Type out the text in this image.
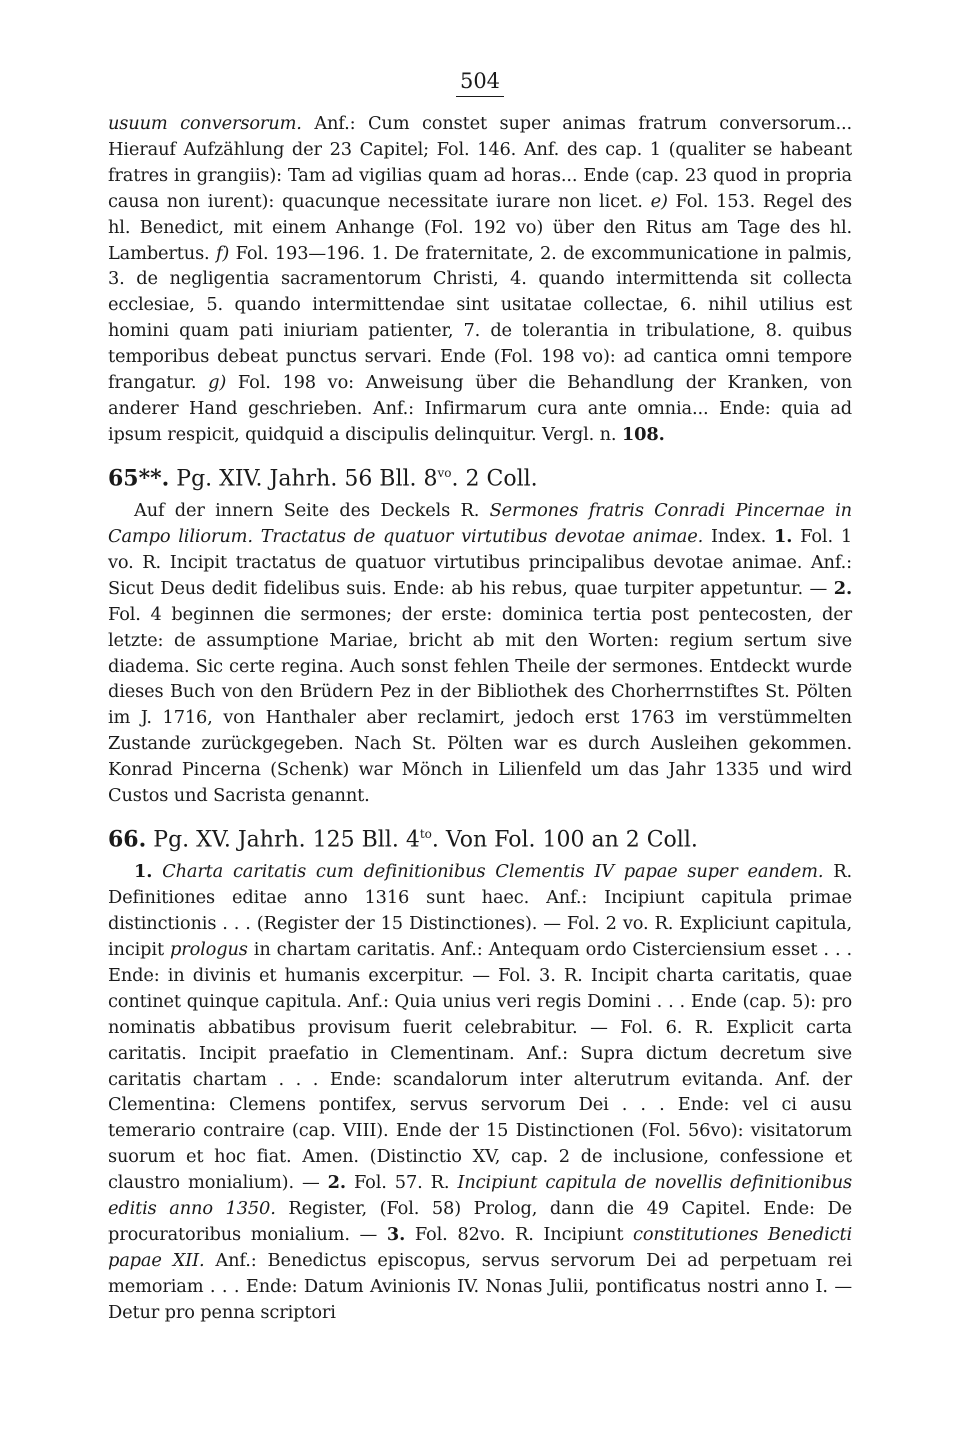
504

usuum conversorum. Anf.: Cum constet super animas fratrum conversorum... Hierauf Aufzählung der 23 Capitel; Fol. 146. Anf. des cap. 1 (qualiter se habeant fratres in grangiis): Tam ad vigilias quam ad horas... Ende (cap. 23 quod in propria causa non iurent): quacunque necessitate iurare non licet. e) Fol. 153. Regel des hl. Benedict, mit einem Anhange (Fol. 192 vo) über den Ritus am Tage des hl. Lambertus. f) Fol. 193—196. 1. De fraternitate, 2. de excommunicatione in palmis, 3. de negligentia sacramentorum Christi, 4. quando intermittenda sit collecta ecclesiae, 5. quando intermittendae sint usitatae collectae, 6. nihil utilius est homini quam pati iniuriam patienter, 7. de tolerantia in tribulatione, 8. quibus temporibus debeat punctus servari. Ende (Fol. 198 vo): ad cantica omni tempore frangatur. g) Fol. 198 vo: Anweisung über die Behandlung der Kranken, von anderer Hand geschrieben. Anf.: Infirmarum cura ante omnia... Ende: quia ad ipsum respicit, quidquid a discipulis delinquitur. Vergl. n. 108.

65**. Pg. XIV. Jahrh. 56 Bll. $8^{vo}$. 2 Coll.

Auf der innern Seite des Deckels R. Sermones fratris Conradi Pincernae in Campo liliorum. Tractatus de quatuor virtutibus devotae animae. Index. 1. Fol. 1 vo. R. Incipit tractatus de quatuor virtutibus principalibus devotae animae. Anf.: Sicut Deus dedit fidelibus suis. Ende: ab his rebus, quae turpiter appetuntur. — 2. Fol. 4 beginnen die sermones; der erste: dominica tertia post pentecosten, der letzte: de assumptione Mariae, bricht ab mit den Worten: regium sertum sive diadema. Sic certe regina. Auch sonst fehlen Theile der sermones. Entdeckt wurde dieses Buch von den Brüdern Pez in der Bibliothek des Chorherrnstiftes St. Pölten im J. 1716, von Hanthaler aber reclamirt, jedoch erst 1763 im verstümmelten Zustande zurückgegeben. Nach St. Pölten war es durch Ausleihen gekommen. Konrad Pincerna (Schenk) war Mönch in Lilienfeld um das Jahr 1335 und wird Custos und Sacrista genannt.

66. Pg. XV. Jahrh. 125 Bll. $4^{to}$. Von Fol. 100 an 2 Coll.

1. Charta caritatis cum definitionibus Clementis IV papae super eandem. R. Definitiones editae anno 1316 sunt haec. Anf.: Incipiunt capitula primae distinctionis . . . (Register der 15 Distinctiones). — Fol. 2 vo. R. Expliciunt capitula, incipit prologus in chartam caritatis. Anf.: Antequam ordo Cisterciensium esset . . . Ende: in divinis et humanis excerpitur. — Fol. 3. R. Incipit charta caritatis, quae continet quinque capitula. Anf.: Quia unius veri regis Domini . . . Ende (cap. 5): pro nominatis abbatibus provisum fuerit celebrabitur. — Fol. 6. R. Explicit carta caritatis. Incipit praefatio in Clementinam. Anf.: Supra dictum decretum sive caritatis chartam . . . Ende: scandalorum inter alterutrum evitanda. Anf. der Clementina: Clemens pontifex, servus servorum Dei . . . Ende: vel ci ausu temerario contraire (cap. VIII). Ende der 15 Distinctionen (Fol. 56vo): visitatorum suorum et hoc fiat. Amen. (Distinctio XV, cap. 2 de inclusione, confessione et claustro monialium). — 2. Fol. 57. R. Incipiunt capitula de novellis definitionibus editis anno 1350. Register, (Fol. 58) Prolog, dann die 49 Capitel. Ende: De procuratoribus monialium. — 3. Fol. 82vo. R. Incipiunt constitutiones Benedicti papae XII. Anf.: Benedictus episcopus, servus servorum Dei ad perpetuam rei memoriam . . . Ende: Datum Avinionis IV. Nonas Julii, pontificatus nostri anno I. — Detur pro penna scriptori
